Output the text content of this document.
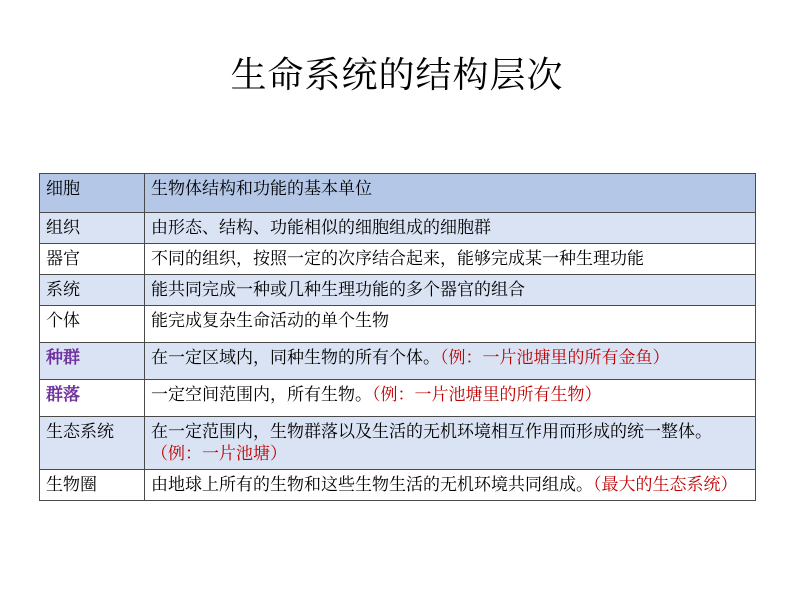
生命系统的结构层次
细胞	生物体结构和功能的基本单位
组织	由形态、结构、功能相似的细胞组成的细胞群
器官	不同的组织，按照一定的次序结合起来，能够完成某一种生理功能
系统	能共同完成一种或几种生理功能的多个器官的组合
个体	能完成复杂生命活动的单个生物
种群	在一定区域内，同种生物的所有个体。（例：一片池塘里的所有金鱼）
群落	一定空间范围内，所有生物。（例：一片池塘里的所有生物）
生态系统	在一定范围内，生物群落以及生活的无机环境相互作用而形成的统一整体。（例：一片池塘）
生物圈	由地球上所有的生物和这些生物生活的无机环境共同组成。（最大的生态系统）
